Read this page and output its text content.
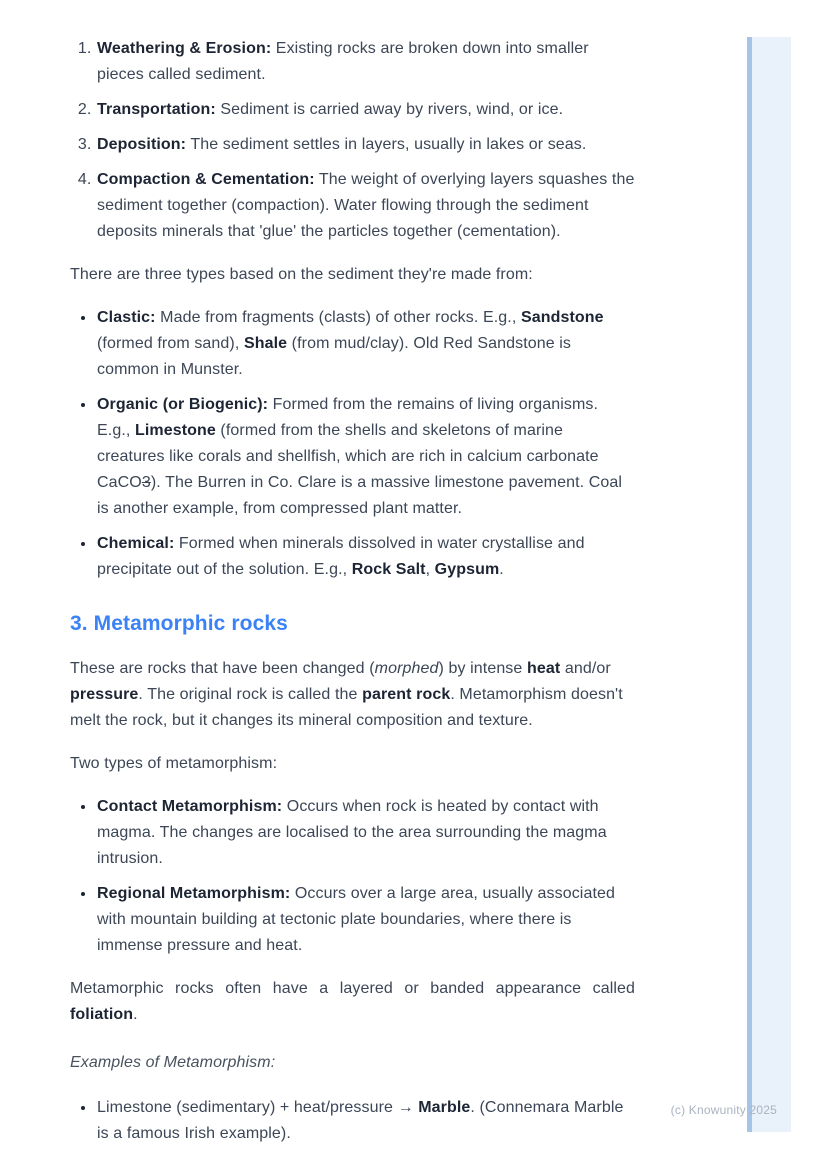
1. Weathering & Erosion: Existing rocks are broken down into smaller pieces called sediment.
2. Transportation: Sediment is carried away by rivers, wind, or ice.
3. Deposition: The sediment settles in layers, usually in lakes or seas.
4. Compaction & Cementation: The weight of overlying layers squashes the sediment together (compaction). Water flowing through the sediment deposits minerals that 'glue' the particles together (cementation).

There are three types based on the sediment they're made from:

• Clastic: Made from fragments (clasts) of other rocks. E.g., Sandstone (formed from sand), Shale (from mud/clay). Old Red Sandstone is common in Munster.
• Organic (or Biogenic): Formed from the remains of living organisms. E.g., Limestone (formed from the shells and skeletons of marine creatures like corals and shellfish, which are rich in calcium carbonate CaCO3). The Burren in Co. Clare is a massive limestone pavement. Coal is another example, from compressed plant matter.
• Chemical: Formed when minerals dissolved in water crystallise and precipitate out of the solution. E.g., Rock Salt, Gypsum.
3. Metamorphic rocks

These are rocks that have been changed (morphed) by intense heat and/or pressure. The original rock is called the parent rock. Metamorphism doesn't melt the rock, but it changes its mineral composition and texture.

Two types of metamorphism:

• Contact Metamorphism: Occurs when rock is heated by contact with magma. The changes are localised to the area surrounding the magma intrusion.
• Regional Metamorphism: Occurs over a large area, usually associated with mountain building at tectonic plate boundaries, where there is immense pressure and heat.

Metamorphic rocks often have a layered or banded appearance called foliation.

Examples of Metamorphism:

• Limestone (sedimentary) + heat/pressure → Marble. (Connemara Marble is a famous Irish example).
(c) Knowunity 2025
